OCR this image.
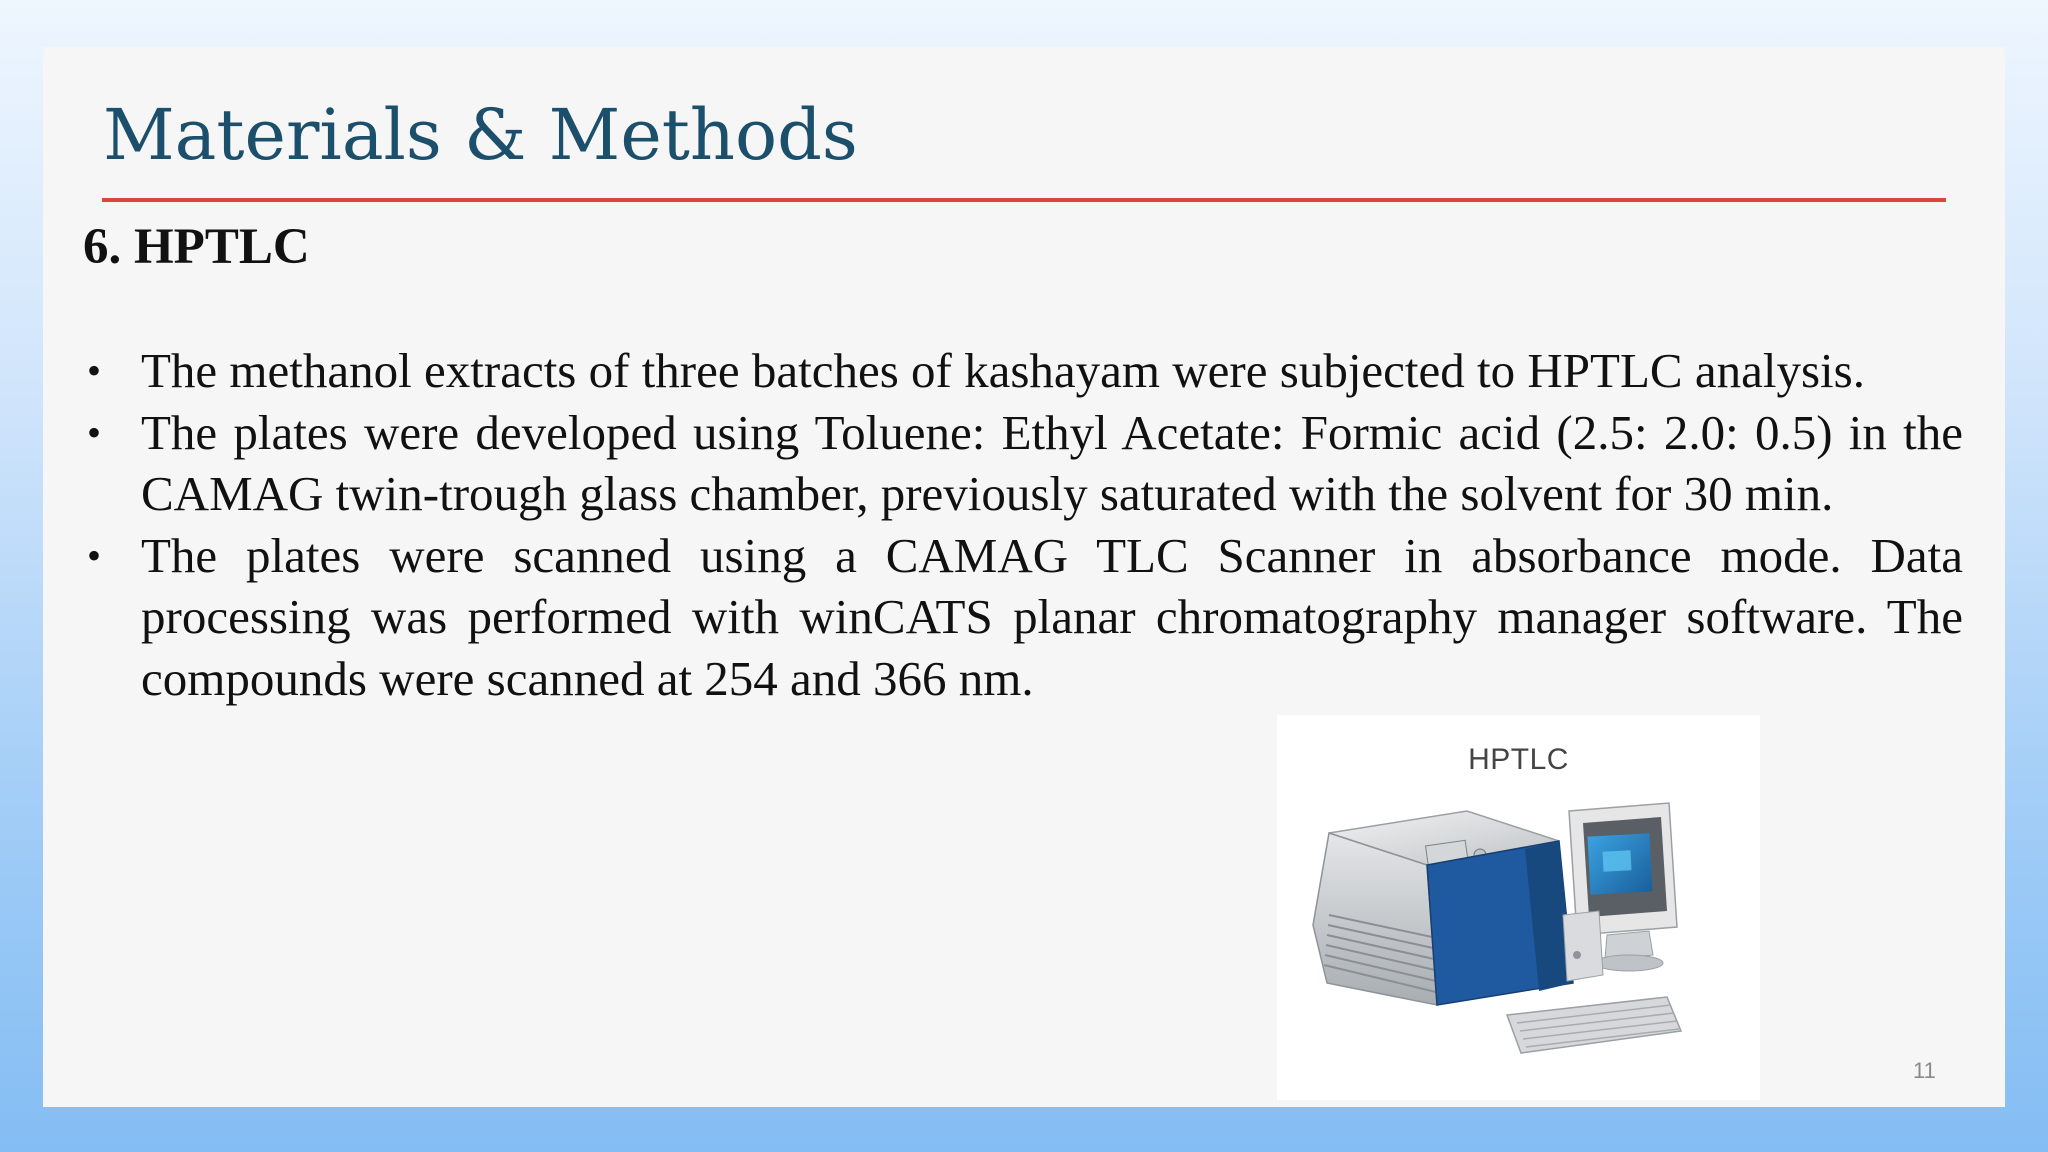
Materials & Methods
6. HPTLC
• The methanol extracts of three batches of kashayam were subjected to HPTLC analysis.
• The plates were developed using Toluene: Ethyl Acetate: Formic acid (2.5: 2.0: 0.5) in the CAMAG twin-trough glass chamber, previously saturated with the solvent for 30 min.
• The plates were scanned using a CAMAG TLC Scanner in absorbance mode. Data processing was performed with winCATS planar chromatography manager software. The compounds were scanned at 254 and 366 nm.
HPTLC
11
